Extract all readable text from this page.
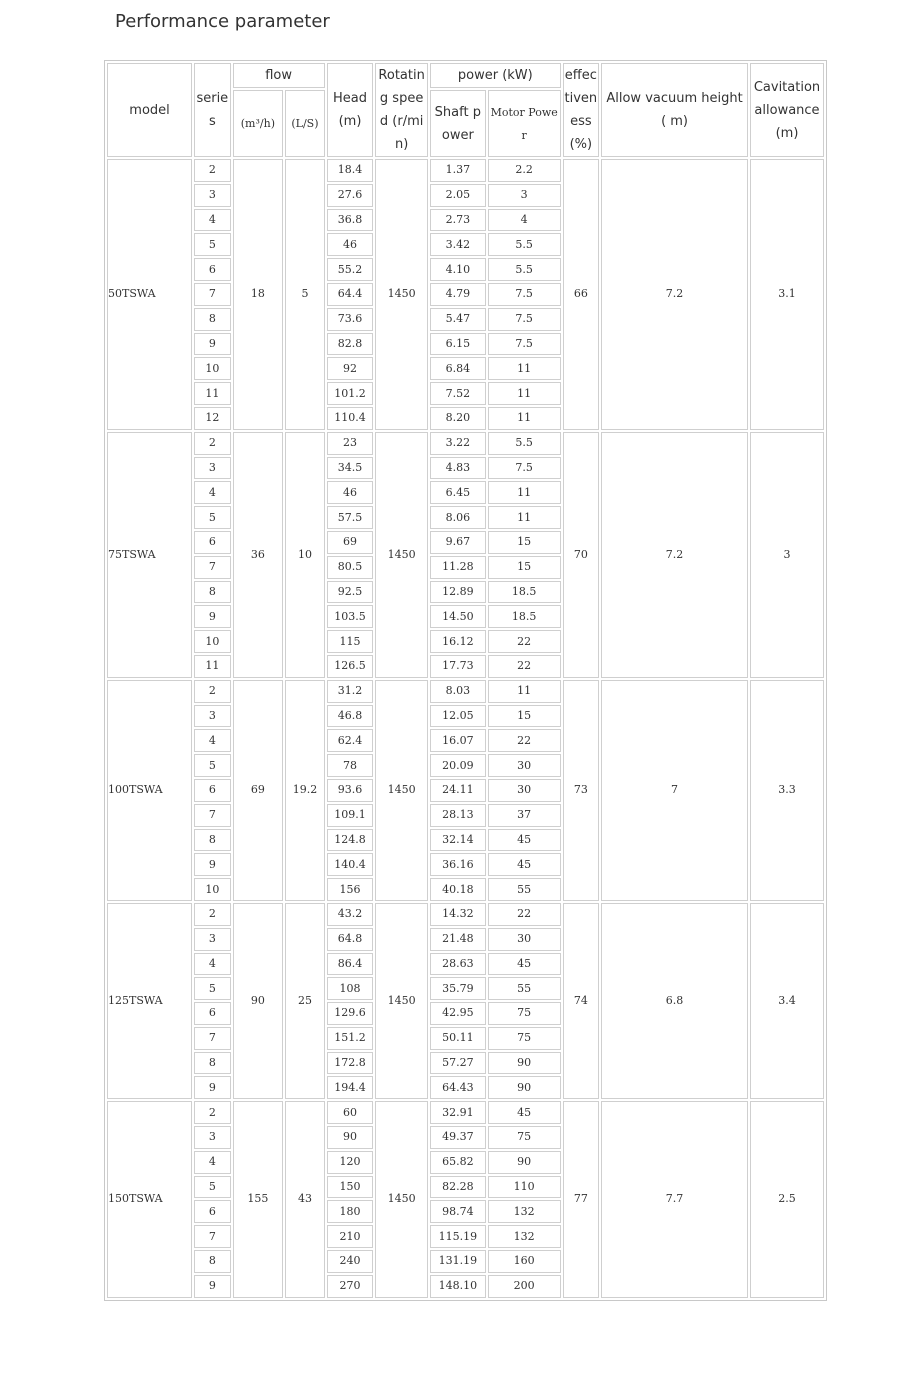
Performance parameter
model	series	flow		Head (m)	Rotating speed (r/min)	power (kW)		effectiveness (%)	Allow vacuum height ( m)	Cavitation allowance (m)
		(m³/h)	(L/S)			Shaft power	Motor Power			
50TSWA	2	18	5	18.4	1450	1.37	2.2	66	7.2	3.1
	3			27.6		2.05	3			
	4			36.8		2.73	4			
	5			46		3.42	5.5			
	6			55.2		4.10	5.5			
	7			64.4		4.79	7.5			
	8			73.6		5.47	7.5			
	9			82.8		6.15	7.5			
	10			92		6.84	11			
	11			101.2		7.52	11			
	12			110.4		8.20	11			
75TSWA	2	36	10	23	1450	3.22	5.5	70	7.2	3
	3			34.5		4.83	7.5			
	4			46		6.45	11			
	5			57.5		8.06	11			
	6			69		9.67	15			
	7			80.5		11.28	15			
	8			92.5		12.89	18.5			
	9			103.5		14.50	18.5			
	10			115		16.12	22			
	11			126.5		17.73	22			
100TSWA	2	69	19.2	31.2	1450	8.03	11	73	7	3.3
	3			46.8		12.05	15			
	4			62.4		16.07	22			
	5			78		20.09	30			
	6			93.6		24.11	30			
	7			109.1		28.13	37			
	8			124.8		32.14	45			
	9			140.4		36.16	45			
	10			156		40.18	55			
125TSWA	2	90	25	43.2	1450	14.32	22	74	6.8	3.4
	3			64.8		21.48	30			
	4			86.4		28.63	45			
	5			108		35.79	55			
	6			129.6		42.95	75			
	7			151.2		50.11	75			
	8			172.8		57.27	90			
	9			194.4		64.43	90			
150TSWA	2	155	43	60	1450	32.91	45	77	7.7	2.5
	3			90		49.37	75			
	4			120		65.82	90			
	5			150		82.28	110			
	6			180		98.74	132			
	7			210		115.19	132			
	8			240		131.19	160			
	9			270		148.10	200			
